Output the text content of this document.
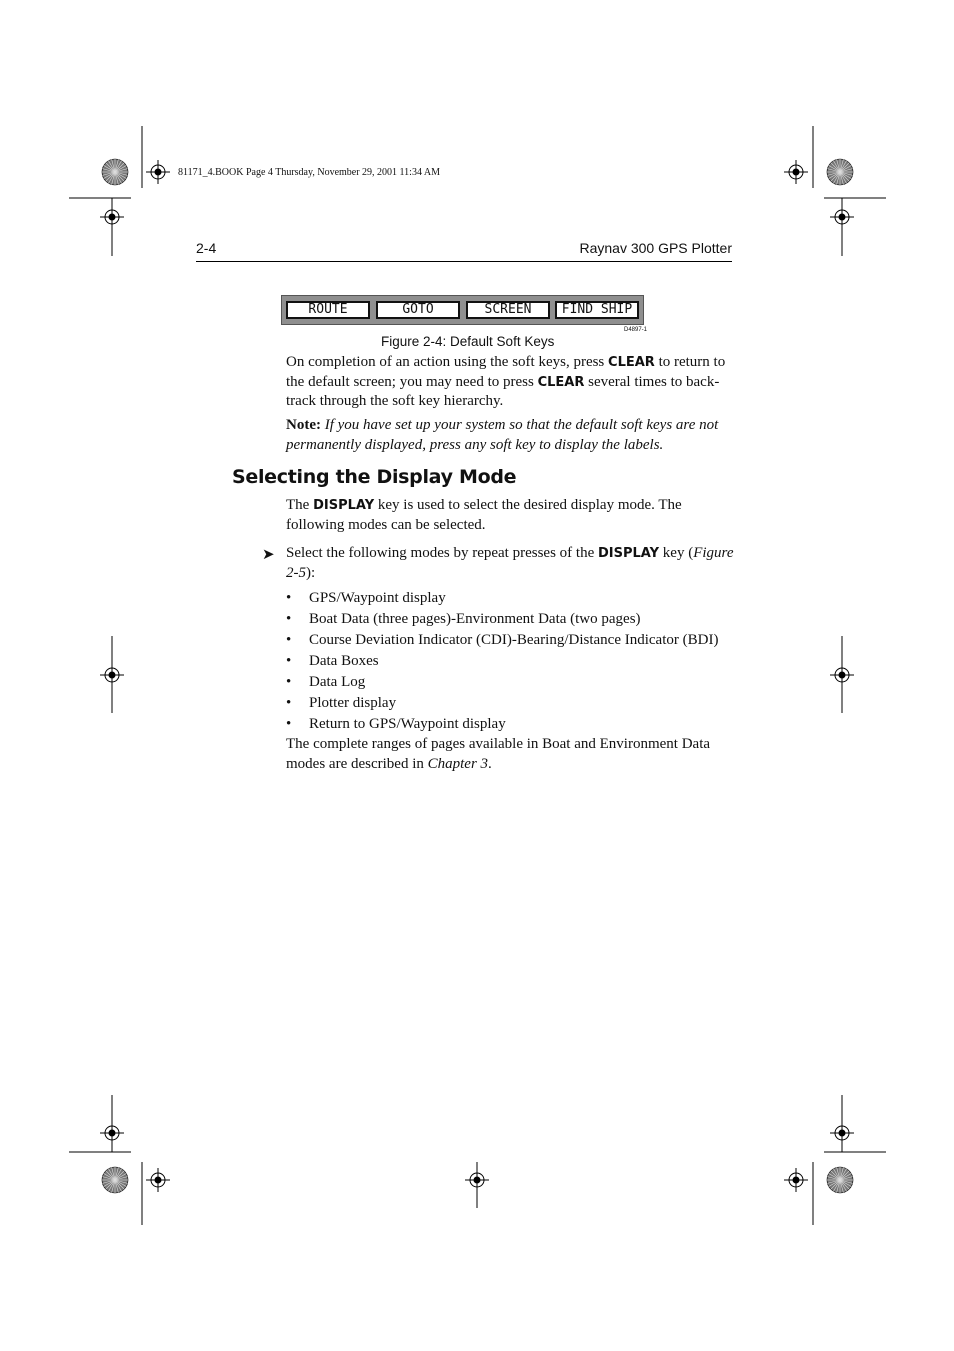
81171_4.BOOK Page 4 Thursday, November 29, 2001 11:34 AM
2-4	Raynav 300 GPS Plotter
ROUTE	GOTO	SCREEN	FIND SHIP
D4897-1
Figure 2-4: Default Soft Keys
On completion of an action using the soft keys, press CLEAR to return to the default screen; you may need to press CLEAR several times to back-track through the soft key hierarchy.
Note: If you have set up your system so that the default soft keys are not permanently displayed, press any soft key to display the labels.
Selecting the Display Mode
The DISPLAY key is used to select the desired display mode. The following modes can be selected.
➤ Select the following modes by repeat presses of the DISPLAY key (Figure 2-5):
• GPS/Waypoint display
• Boat Data (three pages)-Environment Data (two pages)
• Course Deviation Indicator (CDI)-Bearing/Distance Indicator (BDI)
• Data Boxes
• Data Log
• Plotter display
• Return to GPS/Waypoint display
The complete ranges of pages available in Boat and Environment Data modes are described in Chapter 3.
